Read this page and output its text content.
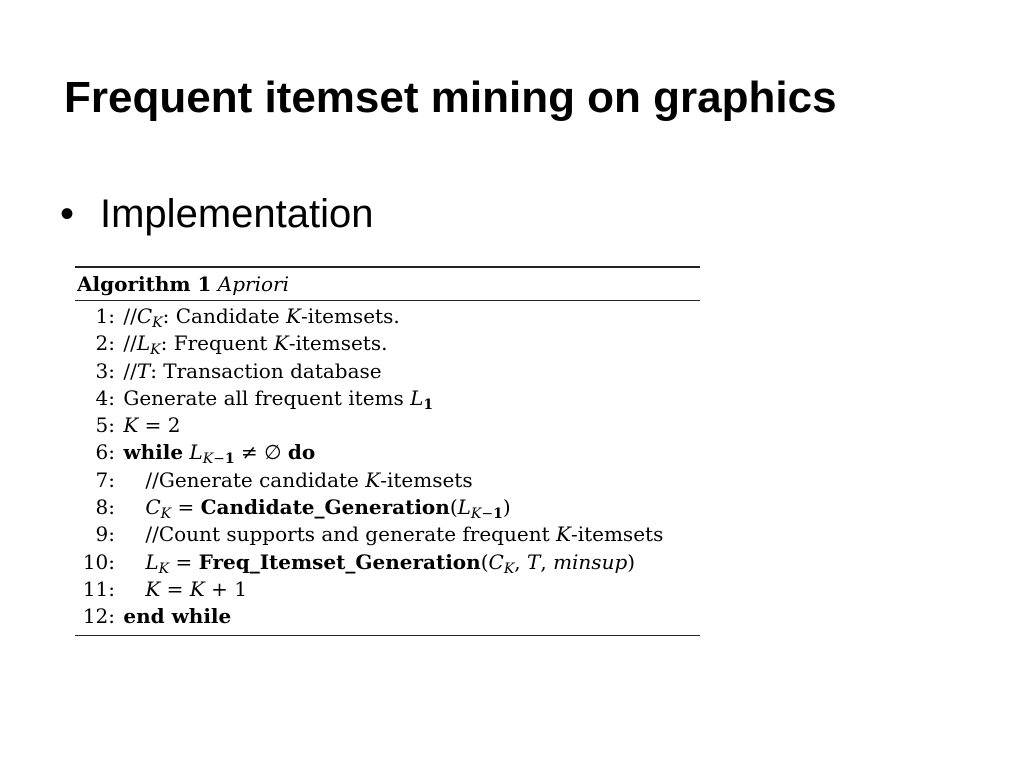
Frequent itemset mining on graphics
• Implementation
Algorithm 1 Apriori
1: $//C_K$: Candidate K-itemsets.
2: $//L_K$: Frequent K-itemsets.
3: //T: Transaction database
4: Generate all frequent items $L_1$
5: K = 2
6: while $L_{K-1}$ ≠ ∅ do
7: //Generate candidate K-itemsets
8: $C_K$ = $Candidate\_Generation(L_{K-1})$
9: //Count supports and generate frequent K-itemsets
10: $L_K$ = $Freq\_Itemset\_Generation(C_K$, T, minsup)
11: K = K + 1
12: end while
